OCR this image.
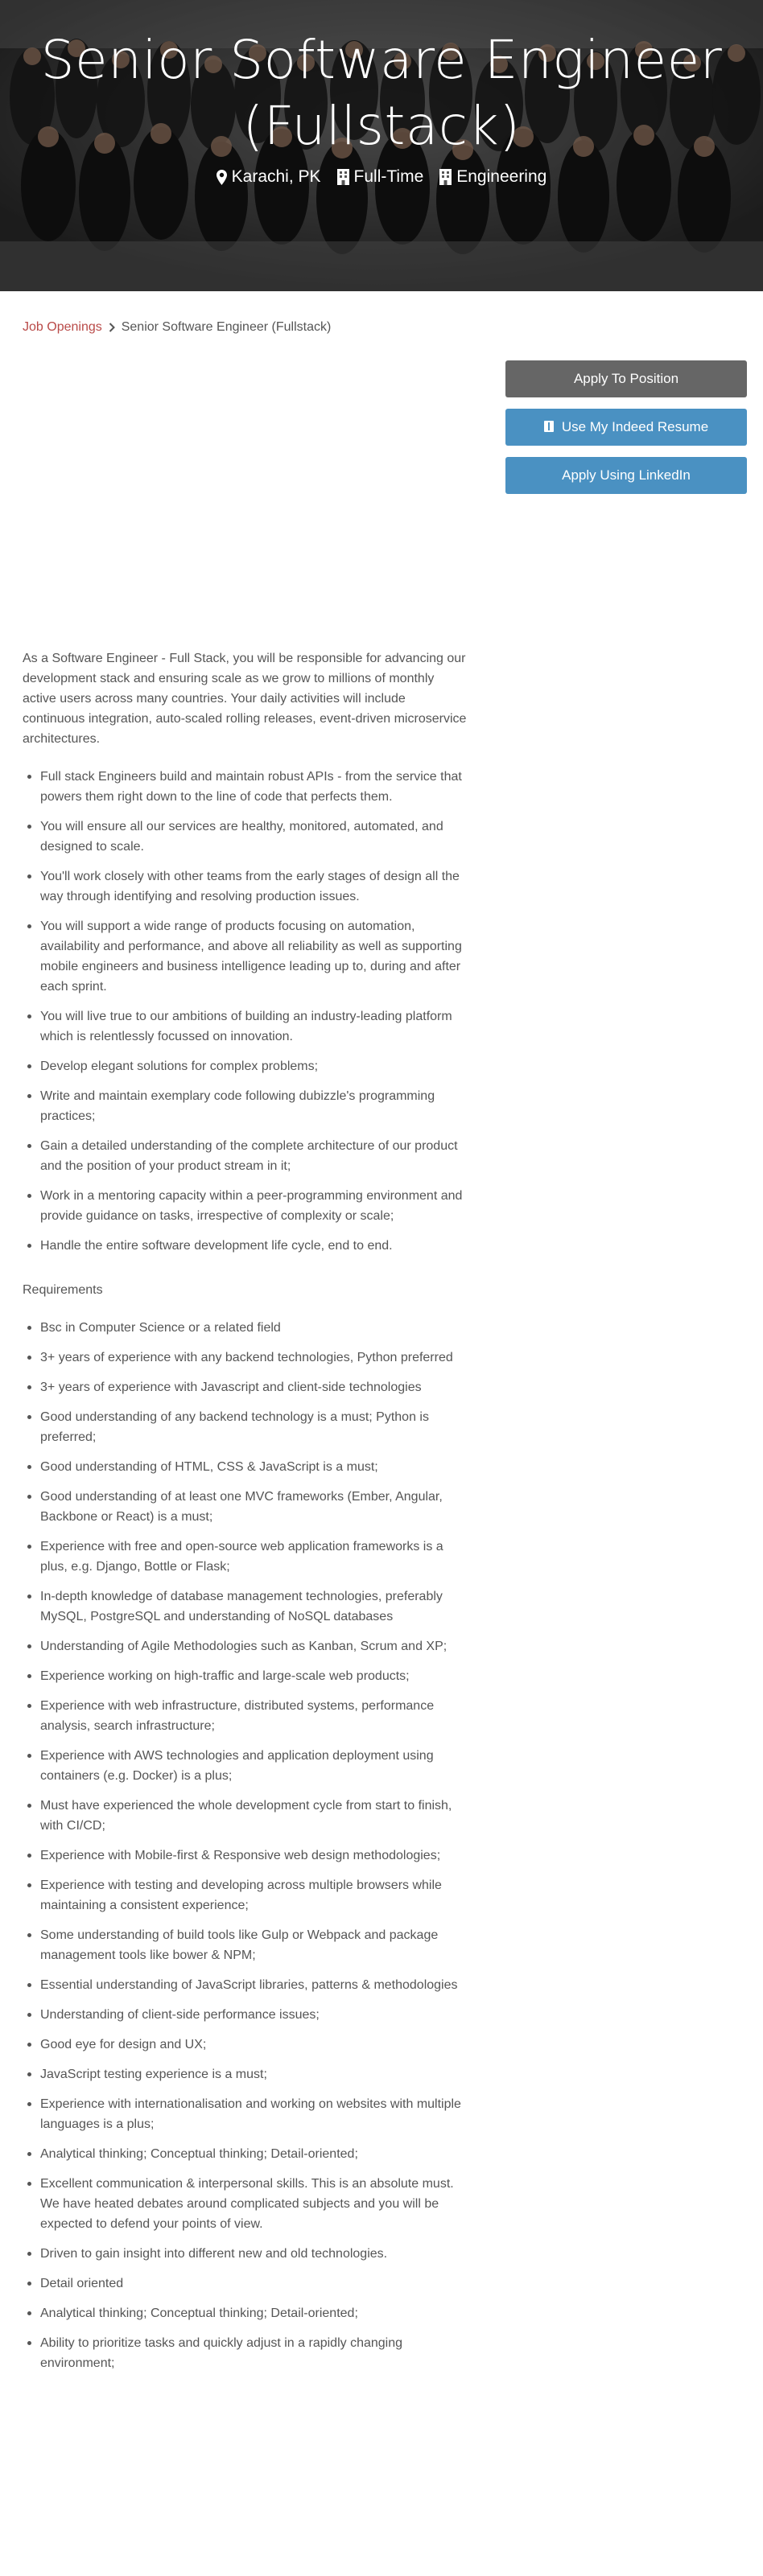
Senior Software Engineer
(Fullstack)
Karachi, PK Full-Time Engineering
Job Openings Senior Software Engineer (Fullstack)
Apply To Position
Use My Indeed Resume
Apply Using LinkedIn

As a Software Engineer - Full Stack, you will be responsible for advancing our development stack and ensuring scale as we grow to millions of monthly active users across many countries. Your daily activities will include continuous integration, auto-scaled rolling releases, event-driven microservice architectures.

Full stack Engineers build and maintain robust APIs - from the service that powers them right down to the line of code that perfects them.
You will ensure all our services are healthy, monitored, automated, and designed to scale.
You'll work closely with other teams from the early stages of design all the way through identifying and resolving production issues.
You will support a wide range of products focusing on automation, availability and performance, and above all reliability as well as supporting mobile engineers and business intelligence leading up to, during and after each sprint.
You will live true to our ambitions of building an industry-leading platform which is relentlessly focussed on innovation.
Develop elegant solutions for complex problems;
Write and maintain exemplary code following dubizzle's programming practices;
Gain a detailed understanding of the complete architecture of our product and the position of your product stream in it;
Work in a mentoring capacity within a peer-programming environment and provide guidance on tasks, irrespective of complexity or scale;
Handle the entire software development life cycle, end to end.

Requirements

Bsc in Computer Science or a related field
3+ years of experience with any backend technologies, Python preferred
3+ years of experience with Javascript and client-side technologies
Good understanding of any backend technology is a must; Python is preferred;
Good understanding of HTML, CSS & JavaScript is a must;
Good understanding of at least one MVC frameworks (Ember, Angular, Backbone or React) is a must;
Experience with free and open-source web application frameworks is a plus, e.g. Django, Bottle or Flask;
In-depth knowledge of database management technologies, preferably MySQL, PostgreSQL and understanding of NoSQL databases
Understanding of Agile Methodologies such as Kanban, Scrum and XP;
Experience working on high-traffic and large-scale web products;
Experience with web infrastructure, distributed systems, performance analysis, search infrastructure;
Experience with AWS technologies and application deployment using containers (e.g. Docker) is a plus;
Must have experienced the whole development cycle from start to finish, with CI/CD;
Experience with Mobile-first & Responsive web design methodologies;
Experience with testing and developing across multiple browsers while maintaining a consistent experience;
Some understanding of build tools like Gulp or Webpack and package management tools like bower & NPM;
Essential understanding of JavaScript libraries, patterns & methodologies
Understanding of client-side performance issues;
Good eye for design and UX;
JavaScript testing experience is a must;
Experience with internationalisation and working on websites with multiple languages is a plus;
Analytical thinking; Conceptual thinking; Detail-oriented;
Excellent communication & interpersonal skills. This is an absolute must. We have heated debates around complicated subjects and you will be expected to defend your points of view.
Driven to gain insight into different new and old technologies.
Detail oriented
Analytical thinking; Conceptual thinking; Detail-oriented;
Ability to prioritize tasks and quickly adjust in a rapidly changing environment;
